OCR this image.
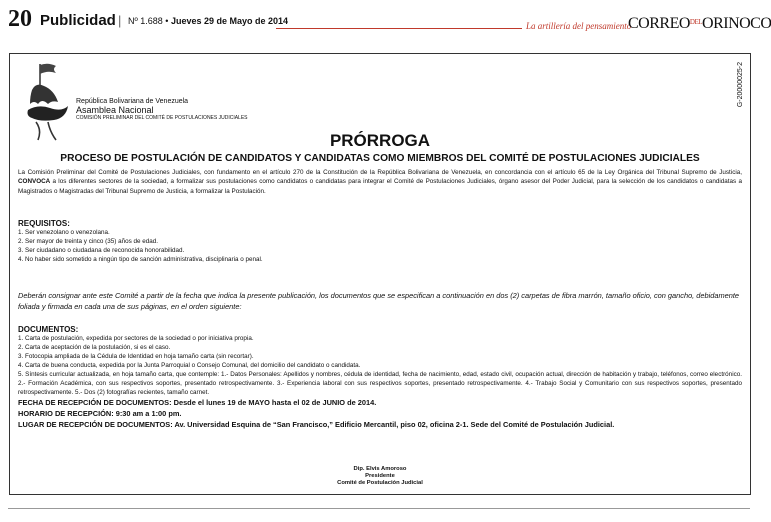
20 Publicidad | Nº 1.688 • Jueves 29 de Mayo de 2014	La artillería del pensamiento
$CORREO^{DEL}ORINOCO$
G-20000025-2
República Bolivariana de Venezuela
Asamblea Nacional
COMISIÓN PRELIMINAR DEL COMITÉ DE POSTULACIONES JUDICIALES
PRÓRROGA
PROCESO DE POSTULACIÓN DE CANDIDATOS Y CANDIDATAS COMO MIEMBROS DEL COMITÉ DE POSTULACIONES JUDICIALES
La Comisión Preliminar del Comité de Postulaciones Judiciales, con fundamento en el artículo 270 de la Constitución de la República Bolivariana de Venezuela, en concordancia con el artículo 65 de la Ley Orgánica del Tribunal Supremo de Justicia, CONVOCA a los diferentes sectores de la sociedad, a formalizar sus postulaciones como candidatos o candidatas para integrar el Comité de Postulaciones Judiciales, órgano asesor del Poder Judicial, para la selección de los candidatos o candidatas a Magistrados o Magistradas del Tribunal Supremo de Justicia, a formalizar la Postulación.
REQUISITOS:
1. Ser venezolano o venezolana.
2. Ser mayor de treinta y cinco (35) años de edad.
3. Ser ciudadano o ciudadana de reconocida honorabilidad.
4. No haber sido sometido a ningún tipo de sanción administrativa, disciplinaria o penal.
Deberán consignar ante este Comité a partir de la fecha que indica la presente publicación, los documentos que se especifican a continuación en dos (2) carpetas de fibra marrón, tamaño oficio, con gancho, debidamente foliada y firmada en cada una de sus páginas, en el orden siguiente:
DOCUMENTOS:
1. Carta de postulación, expedida por sectores de la sociedad o por iniciativa propia.
2. Carta de aceptación de la postulación, si es el caso.
3. Fotocopia ampliada de la Cédula de Identidad en hoja tamaño carta (sin recortar).
4. Carta de buena conducta, expedida por la Junta Parroquial o Consejo Comunal, del domicilio del candidato o candidata.
5. Síntesis curricular actualizada, en hoja tamaño carta, que contemple: 1.- Datos Personales: Apellidos y nombres, cédula de identidad, fecha de nacimiento, edad, estado civil, ocupación actual, dirección de habitación y trabajo, teléfonos, correo electrónico. 2.- Formación Académica, con sus respectivos soportes, presentado retrospectivamente. 3.- Experiencia laboral con sus respectivos soportes, presentado retrospectivamente. 4.- Trabajo Social y Comunitario con sus respectivos soportes, presentado retrospectivamente. 5.- Dos (2) fotografías recientes, tamaño carnet.
FECHA DE RECEPCIÓN DE DOCUMENTOS: Desde el lunes 19 de MAYO hasta el 02 de JUNIO de 2014.
HORARIO DE RECEPCIÓN: 9:30 am a 1:00 pm.
LUGAR DE RECEPCIÓN DE DOCUMENTOS: Av. Universidad Esquina de “San Francisco,” Edificio Mercantil, piso 02, oficina 2-1. Sede del Comité de Postulación Judicial.
Dip. Elvis Amoroso
Presidente
Comité de Postulación Judicial
